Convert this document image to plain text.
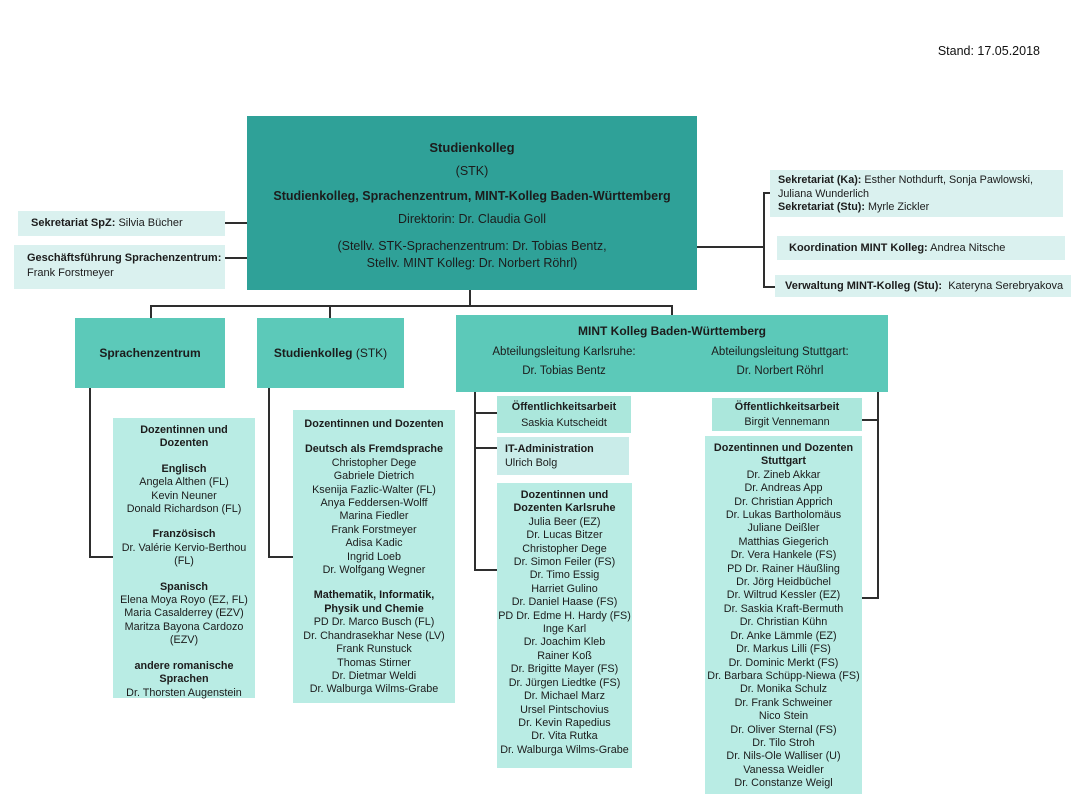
Stand: 17.05.2018
Studienkolleg
(STK)
Studienkolleg, Sprachenzentrum, MINT-Kolleg Baden-Württemberg
Direktorin: Dr. Claudia Goll
(Stellv. STK-Sprachenzentrum: Dr. Tobias Bentz,
Stellv. MINT Kolleg: Dr. Norbert Röhrl)
Sekretariat SpZ: Silvia Bücher
Geschäftsführung Sprachenzentrum:
Frank Forstmeyer
Sekretariat (Ka): Esther Nothdurft, Sonja Pawlowski, Juliana Wunderlich
Sekretariat (Stu): Myrle Zickler
Koordination MINT Kolleg: Andrea Nitsche
Verwaltung MINT-Kolleg (Stu): Kateryna Serebryakova
Sprachenzentrum	Studienkolleg (STK)
MINT Kolleg Baden-Württemberg
Abteilungsleitung Karlsruhe:
Dr. Tobias Bentz
Abteilungsleitung Stuttgart:
Dr. Norbert Röhrl
Dozentinnen und Dozenten
Englisch
Angela Althen (FL)
Kevin Neuner
Donald Richardson (FL)
Französisch
Dr. Valérie Kervio-Berthou (FL)
Spanisch
Elena Moya Royo (EZ, FL)
Maria Casalderrey (EZV)
Maritza Bayona Cardozo (EZV)
andere romanische Sprachen
Dr. Thorsten Augenstein
Dozentinnen und Dozenten
Deutsch als Fremdsprache
Christopher Dege
Gabriele Dietrich
Ksenija Fazlic-Walter (FL)
Anya Feddersen-Wolff
Marina Fiedler
Frank Forstmeyer
Adisa Kadic
Ingrid Loeb
Dr. Wolfgang Wegner
Mathematik, Informatik, Physik und Chemie
PD Dr. Marco Busch (FL)
Dr. Chandrasekhar Nese (LV)
Frank Runstuck
Thomas Stirner
Dr. Dietmar Weldi
Dr. Walburga Wilms-Grabe
Öffentlichkeitsarbeit
Saskia Kutscheidt
IT-Administration
Ulrich Bolg
Dozentinnen und
Dozenten Karlsruhe
Julia Beer (EZ)
Dr. Lucas Bitzer
Christopher Dege
Dr. Simon Feiler (FS)
Dr. Timo Essig
Harriet Gulino
Dr. Daniel Haase (FS)
PD Dr. Edme H. Hardy (FS)
Inge Karl
Dr. Joachim Kleb
Rainer Koß
Dr. Brigitte Mayer (FS)
Dr. Jürgen Liedtke (FS)
Dr. Michael Marz
Ursel Pintschovius
Dr. Kevin Rapedius
Dr. Vita Rutka
Dr. Walburga Wilms-Grabe
Öffentlichkeitsarbeit
Birgit Vennemann
Dozentinnen und Dozenten
Stuttgart
Dr. Zineb Akkar
Dr. Andreas App
Dr. Christian Apprich
Dr. Lukas Bartholomäus
Juliane Deißler
Matthias Giegerich
Dr. Vera Hankele (FS)
PD Dr. Rainer Häußling
Dr. Jörg Heidbüchel
Dr. Wiltrud Kessler (EZ)
Dr. Saskia Kraft-Bermuth
Dr. Christian Kühn
Dr. Anke Lämmle (EZ)
Dr. Markus Lilli (FS)
Dr. Dominic Merkt (FS)
Dr. Barbara Schüpp-Niewa (FS)
Dr. Monika Schulz
Dr. Frank Schweiner
Nico Stein
Dr. Oliver Sternal (FS)
Dr. Tilo Stroh
Dr. Nils-Ole Walliser (U)
Vanessa Weidler
Dr. Constanze Weigl
